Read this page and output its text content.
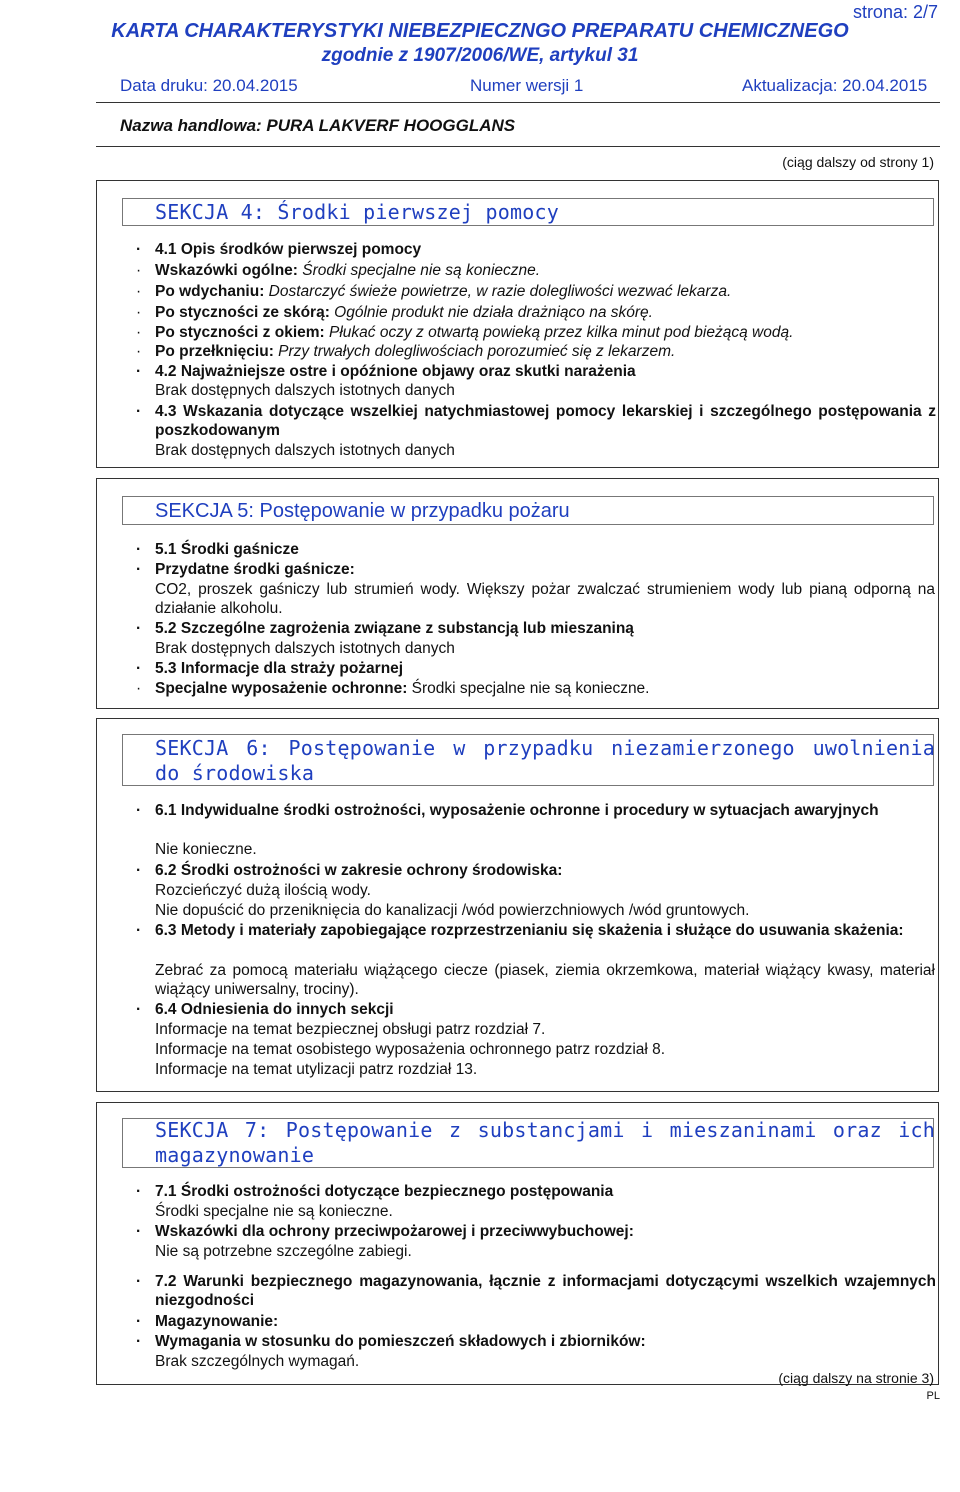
strona: 2/7
KARTA CHARAKTERYSTYKI NIEBEZPIECZNGO PREPARATU CHEMICZNEGO
zgodnie z 1907/2006/WE, artykul 31
Data druku: 20.04.2015	Numer wersji 1	Aktualizacja: 20.04.2015
Nazwa handlowa: PURA LAKVERF HOOGGLANS
(ciąg dalszy od strony 1)
SEKCJA 4: Środki pierwszej pomocy
· 4.1 Opis środków pierwszej pomocy
· Wskazówki ogólne: Środki specjalne nie są konieczne.
· Po wdychaniu: Dostarczyć świeże powietrze, w razie dolegliwości wezwać lekarza.
· Po styczności ze skórą: Ogólnie produkt nie działa drażniąco na skórę.
· Po styczności z okiem: Płukać oczy z otwartą powieką przez kilka minut pod bieżącą wodą.
· Po przełknięciu: Przy trwałych dolegliwościach porozumieć się z lekarzem.
· 4.2 Najważniejsze ostre i opóźnione objawy oraz skutki narażenia
Brak dostępnych dalszych istotnych danych
· 4.3 Wskazania dotyczące wszelkiej natychmiastowej pomocy lekarskiej i szczególnego postępowania z poszkodowanym
Brak dostępnych dalszych istotnych danych
SEKCJA 5: Postępowanie w przypadku pożaru
· 5.1 Środki gaśnicze
· Przydatne środki gaśnicze:
CO2, proszek gaśniczy lub strumień wody. Większy pożar zwalczać strumieniem wody lub pianą odporną na działanie alkoholu.
· 5.2 Szczególne zagrożenia związane z substancją lub mieszaniną
Brak dostępnych dalszych istotnych danych
· 5.3 Informacje dla straży pożarnej
· Specjalne wyposażenie ochronne: Środki specjalne nie są konieczne.
SEKCJA 6: Postępowanie w przypadku niezamierzonego uwolnienia do środowiska
· 6.1 Indywidualne środki ostrożności, wyposażenie ochronne i procedury w sytuacjach awaryjnych
Nie konieczne.
· 6.2 Środki ostrożności w zakresie ochrony środowiska:
Rozcieńczyć dużą ilością wody.
Nie dopuścić do przeniknięcia do kanalizacji /wód powierzchniowych /wód gruntowych.
· 6.3 Metody i materiały zapobiegające rozprzestrzenianiu się skażenia i służące do usuwania skażenia:
Zebrać za pomocą materiału wiążącego ciecze (piasek, ziemia okrzemkowa, materiał wiążący kwasy, materiał wiążący uniwersalny, trociny).
· 6.4 Odniesienia do innych sekcji
Informacje na temat bezpiecznej obsługi patrz rozdział 7.
Informacje na temat osobistego wyposażenia ochronnego patrz rozdział 8.
Informacje na temat utylizacji patrz rozdział 13.
SEKCJA 7: Postępowanie z substancjami i mieszaninami oraz ich magazynowanie
· 7.1 Środki ostrożności dotyczące bezpiecznego postępowania
Środki specjalne nie są konieczne.
· Wskazówki dla ochrony przeciwpożarowej i przeciwwybuchowej:
Nie są potrzebne szczególne zabiegi.
· 7.2 Warunki bezpiecznego magazynowania, łącznie z informacjami dotyczącymi wszelkich wzajemnych niezgodności
· Magazynowanie:
· Wymagania w stosunku do pomieszczeń składowych i zbiorników:
Brak szczególnych wymagań.
(ciąg dalszy na stronie 3)
PL
